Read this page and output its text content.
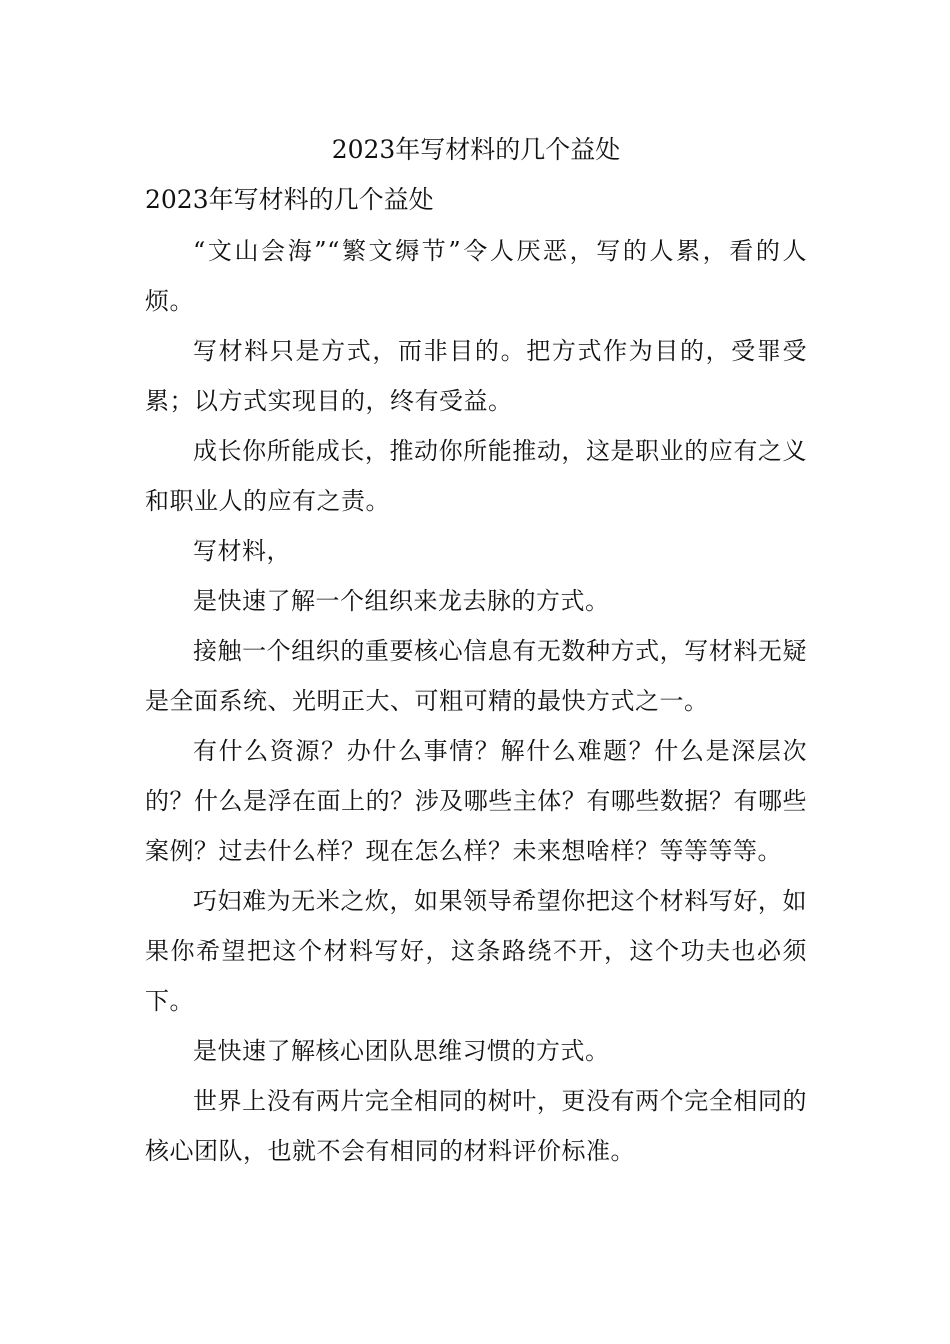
2023年写材料的几个益处
2023年写材料的几个益处

“文山会海”“繁文缛节”令人厌恶，写的人累，看的人烦。

写材料只是方式，而非目的。把方式作为目的，受罪受累；以方式实现目的，终有受益。

成长你所能成长，推动你所能推动，这是职业的应有之义和职业人的应有之责。

写材料，

是快速了解一个组织来龙去脉的方式。

接触一个组织的重要核心信息有无数种方式，写材料无疑是全面系统、光明正大、可粗可精的最快方式之一。

有什么资源？办什么事情？解什么难题？什么是深层次的？什么是浮在面上的？涉及哪些主体？有哪些数据？有哪些案例？过去什么样？现在怎么样？未来想啥样？等等等等。

巧妇难为无米之炊，如果领导希望你把这个材料写好，如果你希望把这个材料写好，这条路绕不开，这个功夫也必须下。

是快速了解核心团队思维习惯的方式。

世界上没有两片完全相同的树叶，更没有两个完全相同的核心团队，也就不会有相同的材料评价标准。
